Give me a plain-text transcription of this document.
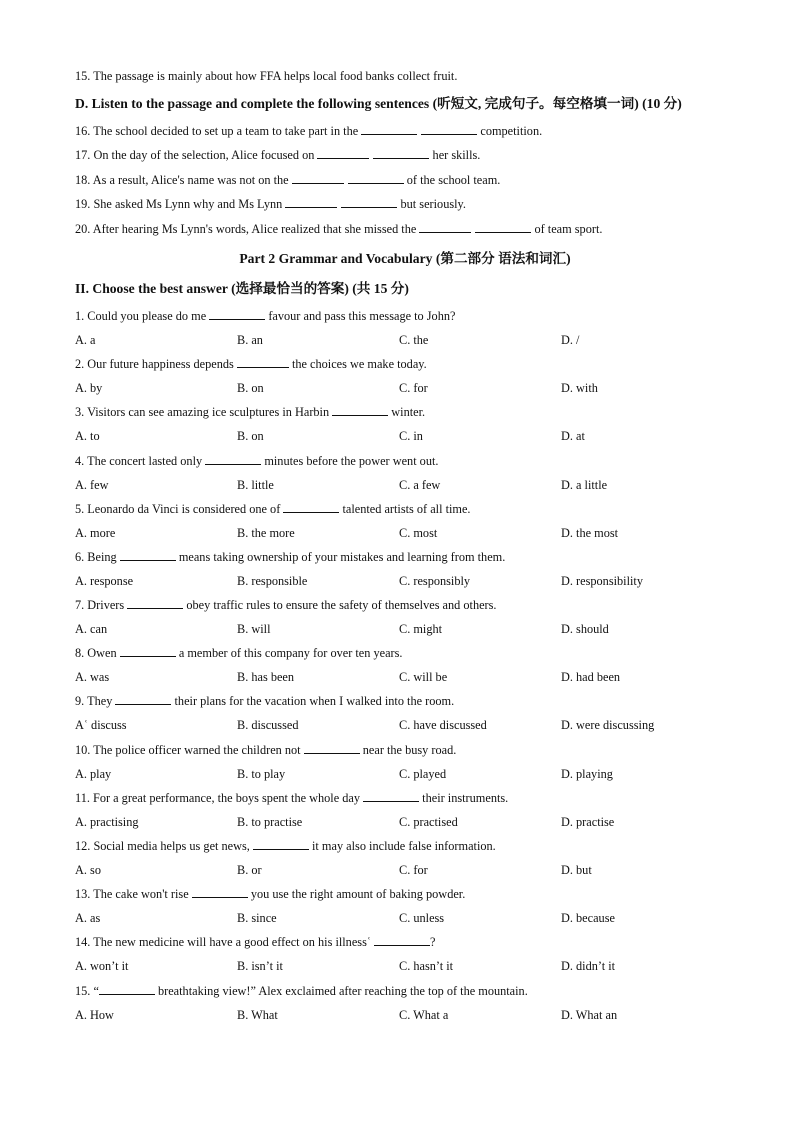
15. The passage is mainly about how FFA helps local food banks collect fruit.

D. Listen to the passage and complete the following sentences (听短文, 完成句子。每空格填一词) (10 分)

16. The school decided to set up a team to take part in the	competition.

17. On the day of the selection, Alice focused on	her skills.

18. As a result, Alice's name was not on the	of the school team.

19. She asked Ms Lynn why and Ms Lynn	but seriously.

20. After hearing Ms Lynn's words, Alice realized that she missed the	of team sport.

Part 2 Grammar and Vocabulary (第二部分 语法和词汇)

II. Choose the best answer (选择最恰当的答案) (共 15 分)

1. Could you please do me	favour and pass this message to John?

A. a	B. an	C. the	D. /

2. Our future happiness depends	the choices we make today.

A. by	B. on	C. for	D. with

3. Visitors can see amazing ice sculptures in Harbin	winter.

A. to	B. on	C. in	D. at

4. The concert lasted only	minutes before the power went out.

A. few	B. little	C. a few	D. a little

5. Leonardo da Vinci is considered one of	talented artists of all time.

A. more	B. the more	C. most	D. the most

6. Being	means taking ownership of your mistakes and learning from them.

A. response	B. responsible	C. responsibly	D. responsibility

7. Drivers	obey traffic rules to ensure the safety of themselves and others.

A. can	B. will	C. might	D. should

8. Owen	a member of this company for over ten years.

A. was	B. has been	C. will be	D. had been

9. They	their plans for the vacation when I walked into the room.

Aʿ discuss	B. discussed	C. have discussed	D. were discussing

10. The police officer warned the children not	near the busy road.

A. play	B. to play	C. played	D. playing

11. For a great performance, the boys spent the whole day	their instruments.

A. practising	B. to practise	C. practised	D. practise

12. Social media helps us get news,	it may also include false information.

A. so	B. or	C. for	D. but

13. The cake won't rise	you use the right amount of baking powder.

A. as	B. since	C. unless	D. because

14. The new medicine will have a good effect on his illnessʿ	?

A. won’t it	B. isn’t it	C. hasn’t it	D. didn’t it

15. “	breathtaking view!” Alex exclaimed after reaching the top of the mountain.

A. How	B. What	C. What a	D. What an
